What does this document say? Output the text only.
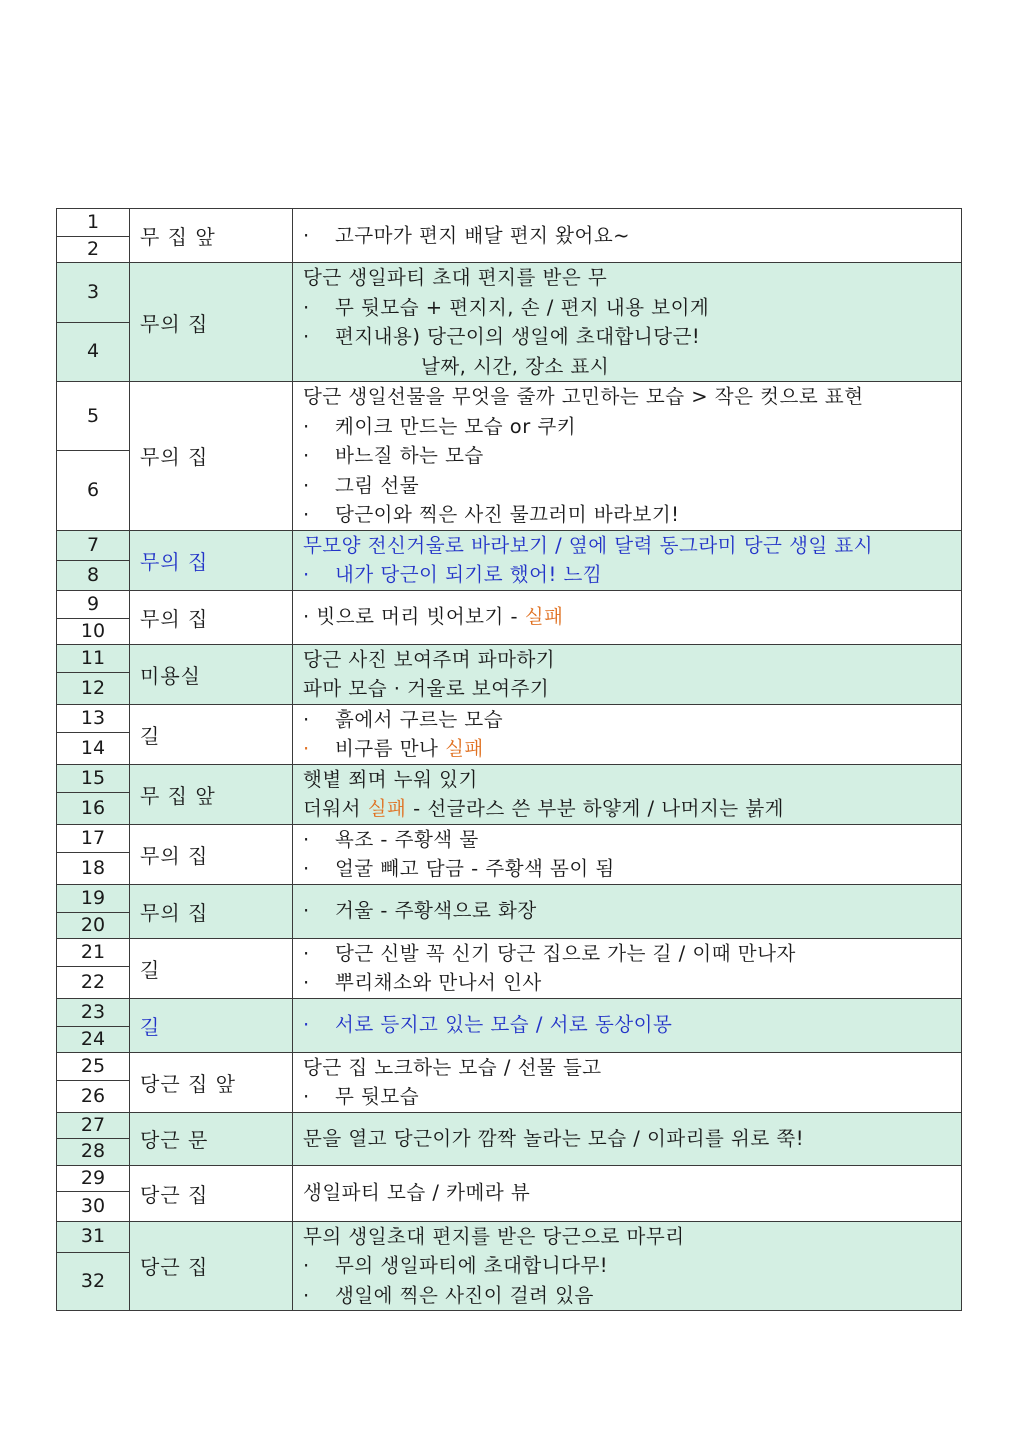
1	무 집 앞	·고구마가 편지 배달 편지 왔어요~

2		
3	무의 집	당근 생일파티 초대 편지를 받은 무
·무 뒷모습 + 편지지, 손 / 편지 내용 보이게
·편지내용) 당근이의 생일에 초대합니당근!
날짜, 시간, 장소 표시

4		
5	무의 집	당근 생일선물을 무엇을 줄까 고민하는 모습 > 작은 컷으로 표현
·케이크 만드는 모습 or 쿠키
·바느질 하는 모습
·그림 선물
·당근이와 찍은 사진 물끄러미 바라보기!

6		
7	무의 집	무모양 전신거울로 바라보기 / 옆에 달력 동그라미 당근 생일 표시
·내가 당근이 되기로 했어! 느낌

8		
9	무의 집	· 빗으로 머리 빗어보기 - 실패

10		
11	미용실	당근 사진 보여주며 파마하기
파마 모습 · 거울로 보여주기

12		
13	길	·흙에서 구르는 모습
·비구름 만나 실패

14		
15	무 집 앞	햇볕 쬐며 누워 있기
더워서 실패 - 선글라스 쓴 부분 하얗게 / 나머지는 붉게

16		
17	무의 집	·욕조 - 주황색 물
·얼굴 빼고 담금 - 주황색 몸이 됨

18		
19	무의 집	·거울 - 주황색으로 화장

20		
21	길	·당근 신발 꼭 신기 당근 집으로 가는 길 / 이때 만나자
·뿌리채소와 만나서 인사

22		
23	길	·서로 등지고 있는 모습 / 서로 동상이몽

24		
25	당근 집 앞	당근 집 노크하는 모습 / 선물 들고
·무 뒷모습

26		
27	당근 문	문을 열고 당근이가 깜짝 놀라는 모습 / 이파리를 위로 쭉!

28		
29	당근 집	생일파티 모습 / 카메라 뷰

30		
31	당근 집	무의 생일초대 편지를 받은 당근으로 마무리
·무의 생일파티에 초대합니다무!
·생일에 찍은 사진이 걸려 있음

32		
